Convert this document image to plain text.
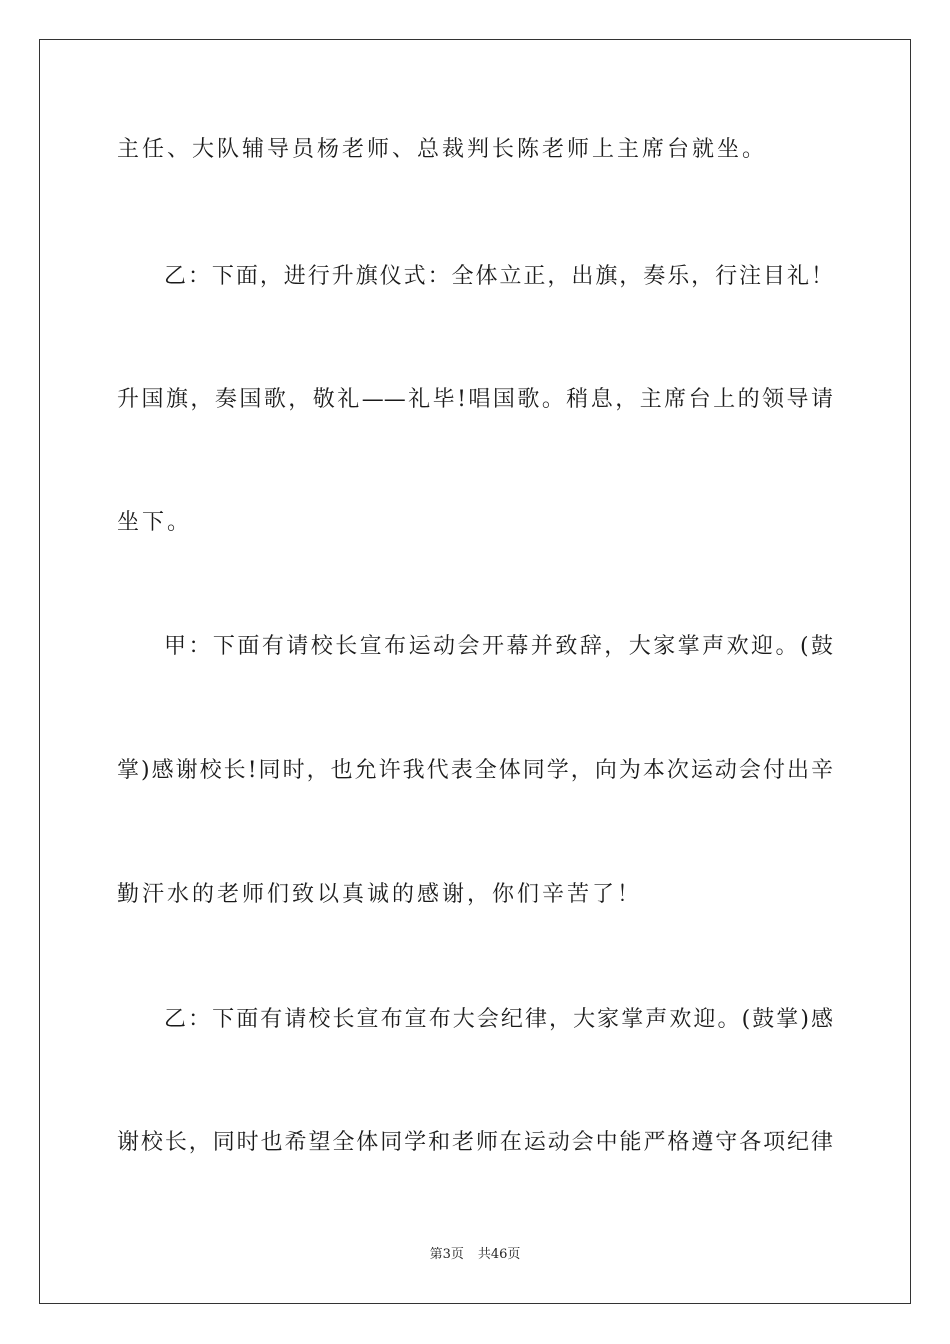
主任、大队辅导员杨老师、总裁判长陈老师上主席台就坐。
乙：下面，进行升旗仪式：全体立正，出旗，奏乐，行注目礼！
升国旗，奏国歌，敬礼——礼毕!唱国歌。稍息，主席台上的领导请
坐下。
甲：下面有请校长宣布运动会开幕并致辞，大家掌声欢迎。(鼓
掌)感谢校长!同时，也允许我代表全体同学，向为本次运动会付出辛
勤汗水的老师们致以真诚的感谢，你们辛苦了！
乙：下面有请校长宣布宣布大会纪律，大家掌声欢迎。(鼓掌)感
谢校长，同时也希望全体同学和老师在运动会中能严格遵守各项纪律
第3页 共46页
